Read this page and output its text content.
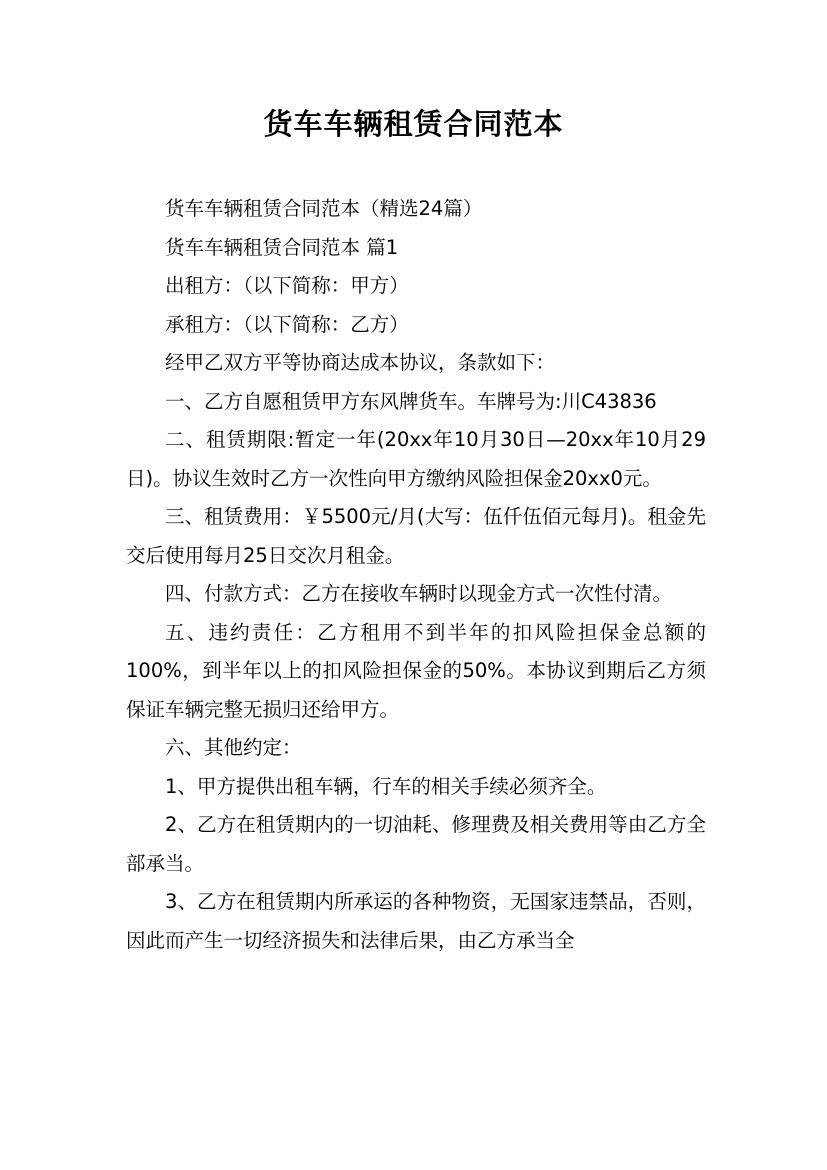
货车车辆租赁合同范本

货车车辆租赁合同范本（精选24篇）

货车车辆租赁合同范本 篇1

出租方：（以下简称：甲方）

承租方：（以下简称：乙方）

经甲乙双方平等协商达成本协议，条款如下：

一、乙方自愿租赁甲方东风牌货车。车牌号为:川C43836

二、租赁期限:暂定一年(20xx年10月30日—20xx年10月29日)。协议生效时乙方一次性向甲方缴纳风险担保金20xx0元。

三、租赁费用：￥5500元/月(大写：伍仟伍佰元每月)。租金先交后使用每月25日交次月租金。

四、付款方式：乙方在接收车辆时以现金方式一次性付清。

五、违约责任：乙方租用不到半年的扣风险担保金总额的100%，到半年以上的扣风险担保金的50%。本协议到期后乙方须保证车辆完整无损归还给甲方。

六、其他约定：

1、甲方提供出租车辆，行车的相关手续必须齐全。

2、乙方在租赁期内的一切油耗、修理费及相关费用等由乙方全部承当。

3、乙方在租赁期内所承运的各种物资，无国家违禁品，否则，因此而产生一切经济损失和法律后果，由乙方承当全
